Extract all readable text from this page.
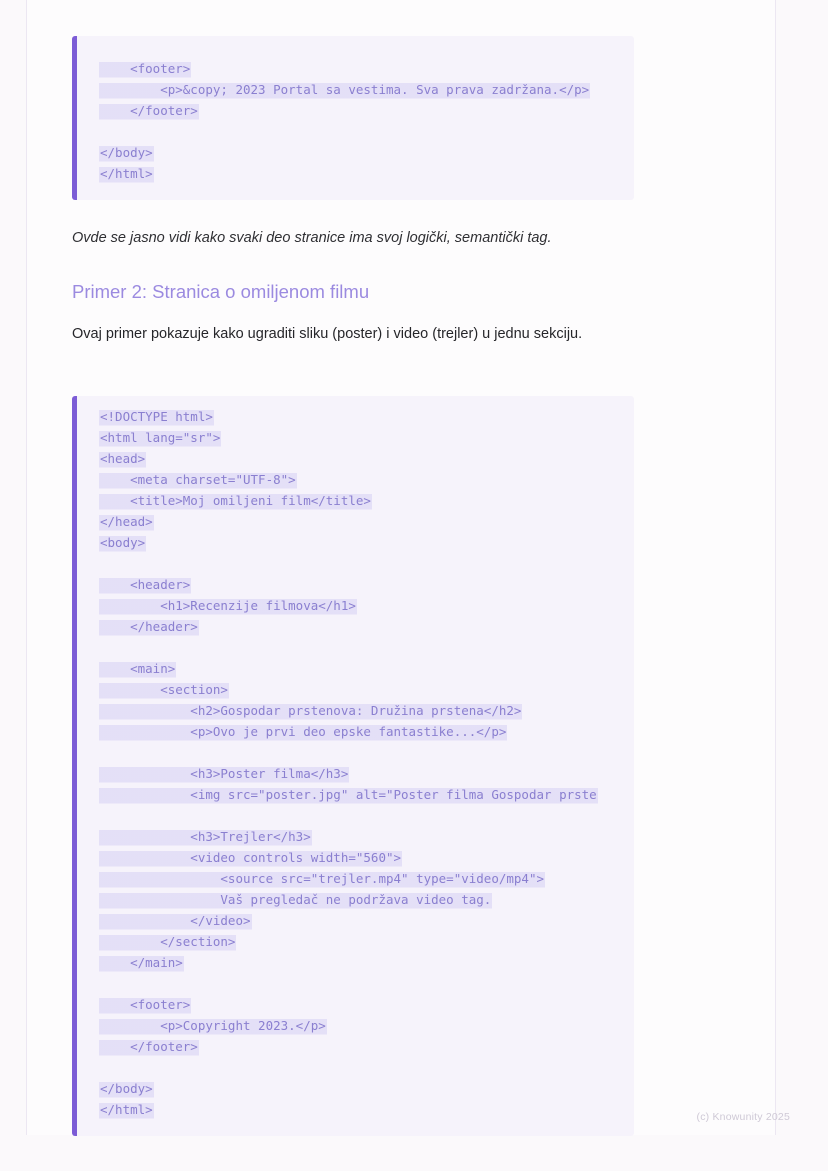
<footer>
<p>&copy; 2023 Portal sa vestima. Sva prava zadržana.</p>
</footer>
</body>
</html>
Ovde se jasno vidi kako svaki deo stranice ima svoj logički, semantički tag.
Primer 2: Stranica o omiljenom filmu
Ovaj primer pokazuje kako ugraditi sliku (poster) i video (trejler) u jednu sekciju.
<!DOCTYPE html>
<html lang="sr">
<head>
<meta charset="UTF-8">
<title>Moj omiljeni film</title>
</head>
<body>
<header>
<h1>Recenzije filmova</h1>
</header>
<main>
<section>
<h2>Gospodar prstenova: Družina prstena</h2>
<p>Ovo je prvi deo epske fantastike...</p>
<h3>Poster filma</h3>
<img src="poster.jpg" alt="Poster filma Gospodar prste
<h3>Trejler</h3>
<video controls width="560">
<source src="trejler.mp4" type="video/mp4">
Vaš pregledač ne podržava video tag.
</video>
</section>
</main>
<footer>
<p>Copyright 2023.</p>
</footer>
</body>
</html>	(c) Knowunity 2025
